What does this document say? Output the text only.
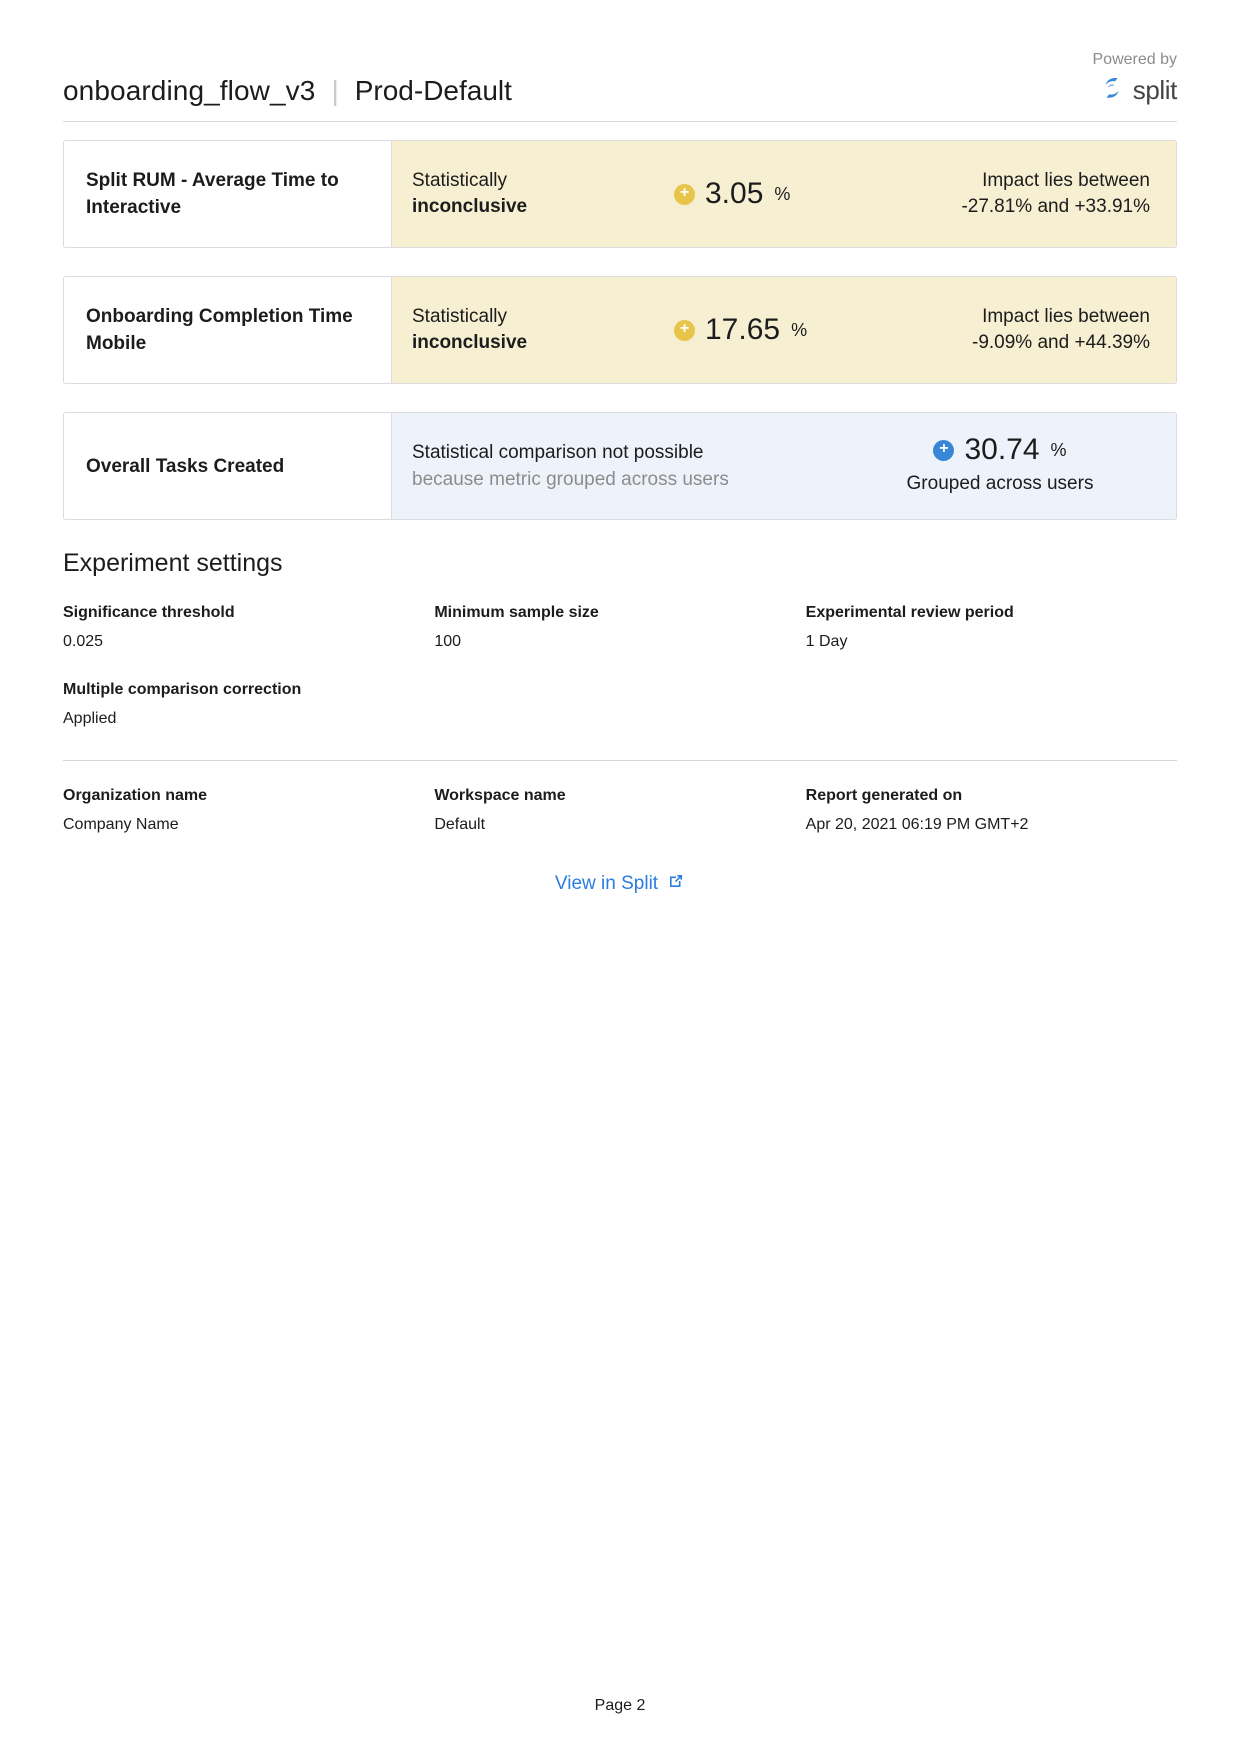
onboarding_flow_v3 | Prod-Default
Powered by
split
Split RUM - Average Time to Interactive
Statistically
inconclusive
+ 3.05 %
Impact lies between
-27.81% and +33.91%
Onboarding Completion Time Mobile
Statistically
inconclusive
+ 17.65 %
Impact lies between
-9.09% and +44.39%
Overall Tasks Created
Statistical comparison not possible
because metric grouped across users
+ 30.74 %
Grouped across users
Experiment settings
Significance threshold
0.025
Minimum sample size
100
Experimental review period
1 Day
Multiple comparison correction
Applied
Organization name
Company Name
Workspace name
Default
Report generated on
Apr 20, 2021 06:19 PM GMT+2
View in Split
Page 2
